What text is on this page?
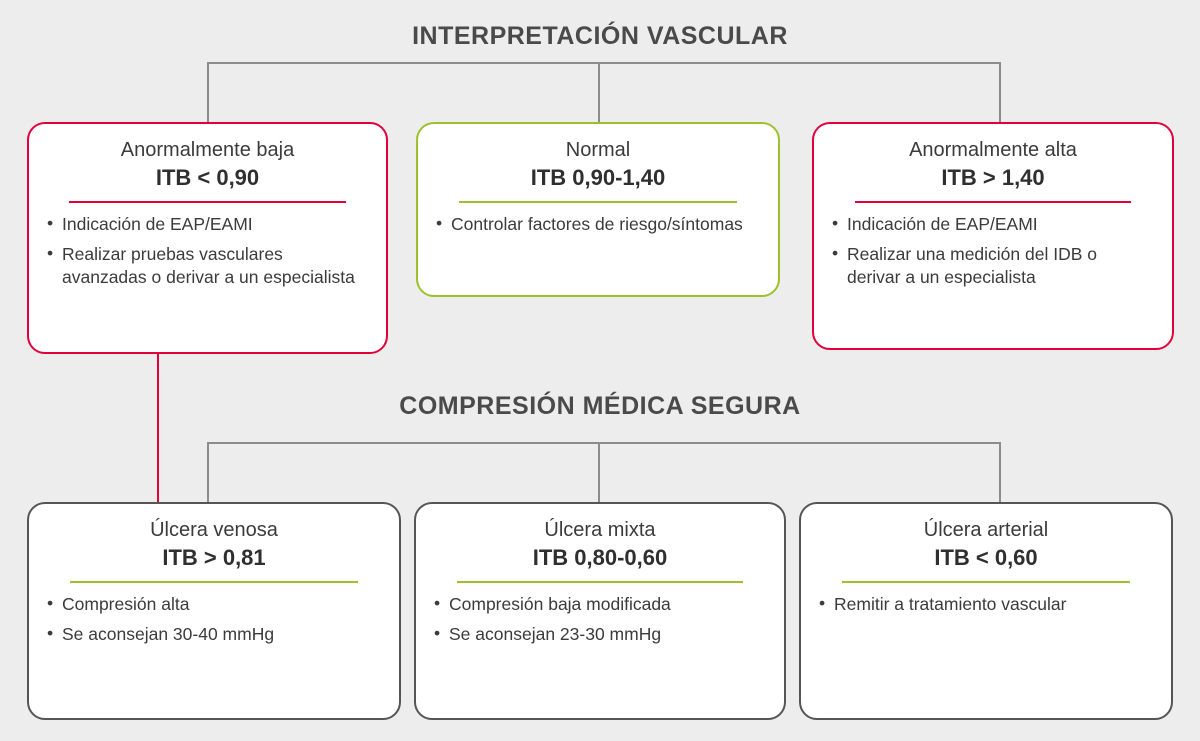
INTERPRETACIÓN VASCULAR
Anormalmente baja
ITB < 0,90
• Indicación de EAP/EAMI
• Realizar pruebas vasculares avanzadas o derivar a un especialista
Normal
ITB 0,90-1,40
• Controlar factores de riesgo/síntomas
Anormalmente alta
ITB > 1,40
• Indicación de EAP/EAMI
• Realizar una medición del IDB o derivar a un especialista
COMPRESIÓN MÉDICA SEGURA
Úlcera venosa
ITB > 0,81
• Compresión alta
• Se aconsejan 30-40 mmHg
Úlcera mixta
ITB 0,80-0,60
• Compresión baja modificada
• Se aconsejan 23-30 mmHg
Úlcera arterial
ITB < 0,60
• Remitir a tratamiento vascular
